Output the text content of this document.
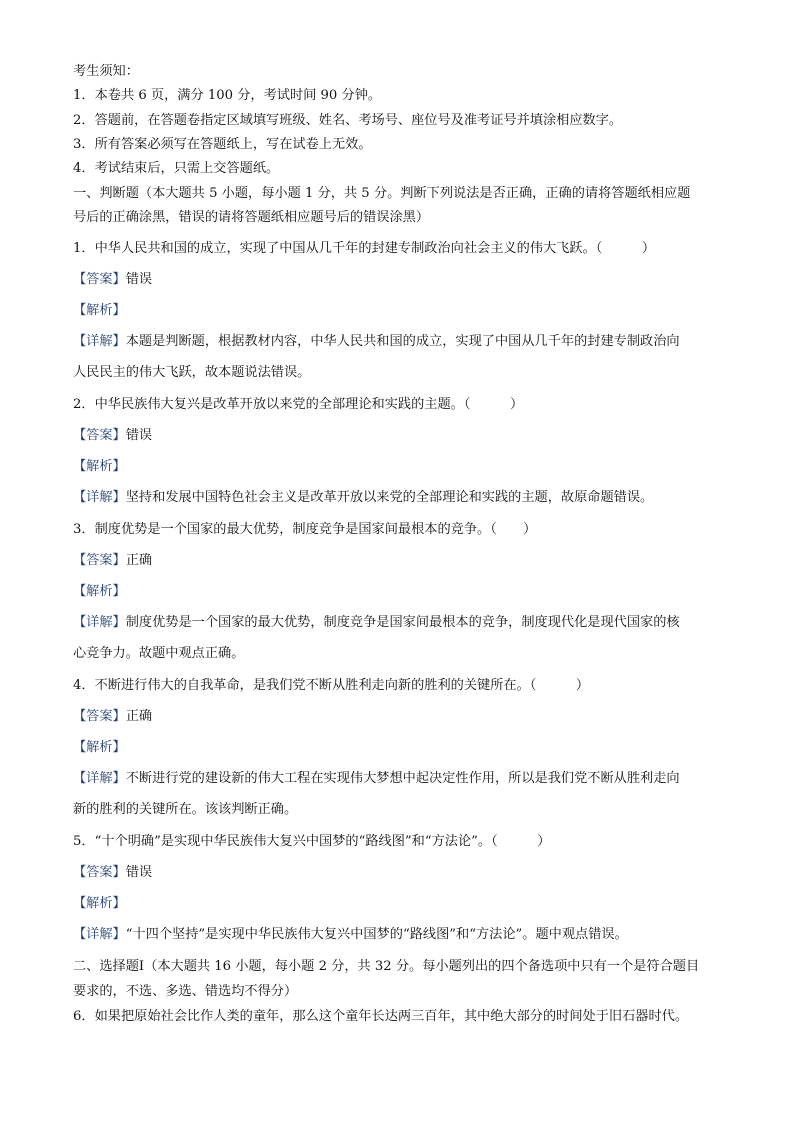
考生须知：
1．本卷共 6 页，满分 100 分，考试时间 90 分钟。
2．答题前，在答题卷指定区域填写班级、姓名、考场号、座位号及准考证号并填涂相应数字。
3．所有答案必须写在答题纸上，写在试卷上无效。
4．考试结束后，只需上交答题纸。
一、判断题（本大题共 5 小题，每小题 1 分，共 5 分。判断下列说法是否正确，正确的请将答题纸相应题
号后的正确涂黑，错误的请将答题纸相应题号后的错误涂黑）
1．中华人民共和国的成立，实现了中国从几千年的封建专制政治向社会主义的伟大飞跃。（　　　）
【答案】错误
【解析】
【详解】本题是判断题，根据教材内容，中华人民共和国的成立，实现了中国从几千年的封建专制政治向
人民民主的伟大飞跃，故本题说法错误。
2．中华民族伟大复兴是改革开放以来党的全部理论和实践的主题。（　　　）
【答案】错误
【解析】
【详解】坚持和发展中国特色社会主义是改革开放以来党的全部理论和实践的主题，故原命题错误。
3．制度优势是一个国家的最大优势，制度竞争是国家间最根本的竞争。（　　）
【答案】正确
【解析】
【详解】制度优势是一个国家的最大优势，制度竞争是国家间最根本的竞争，制度现代化是现代国家的核
心竞争力。故题中观点正确。
4．不断进行伟大的自我革命，是我们党不断从胜利走向新的胜利的关键所在。（　　　）
【答案】正确
【解析】
【详解】不断进行党的建设新的伟大工程在实现伟大梦想中起决定性作用，所以是我们党不断从胜利走向
新的胜利的关键所在。该该判断正确。
5．“十个明确”是实现中华民族伟大复兴中国梦的“路线图”和“方法论”。（　　　）
【答案】错误
【解析】
【详解】“十四个坚持”是实现中华民族伟大复兴中国梦的“路线图”和“方法论”。题中观点错误。
二、选择题Ⅰ（本大题共 16 小题，每小题 2 分，共 32 分。每小题列出的四个备选项中只有一个是符合题目
要求的，不选、多选、错选均不得分）
6．如果把原始社会比作人类的童年，那么这个童年长达两三百年，其中绝大部分的时间处于旧石器时代。
